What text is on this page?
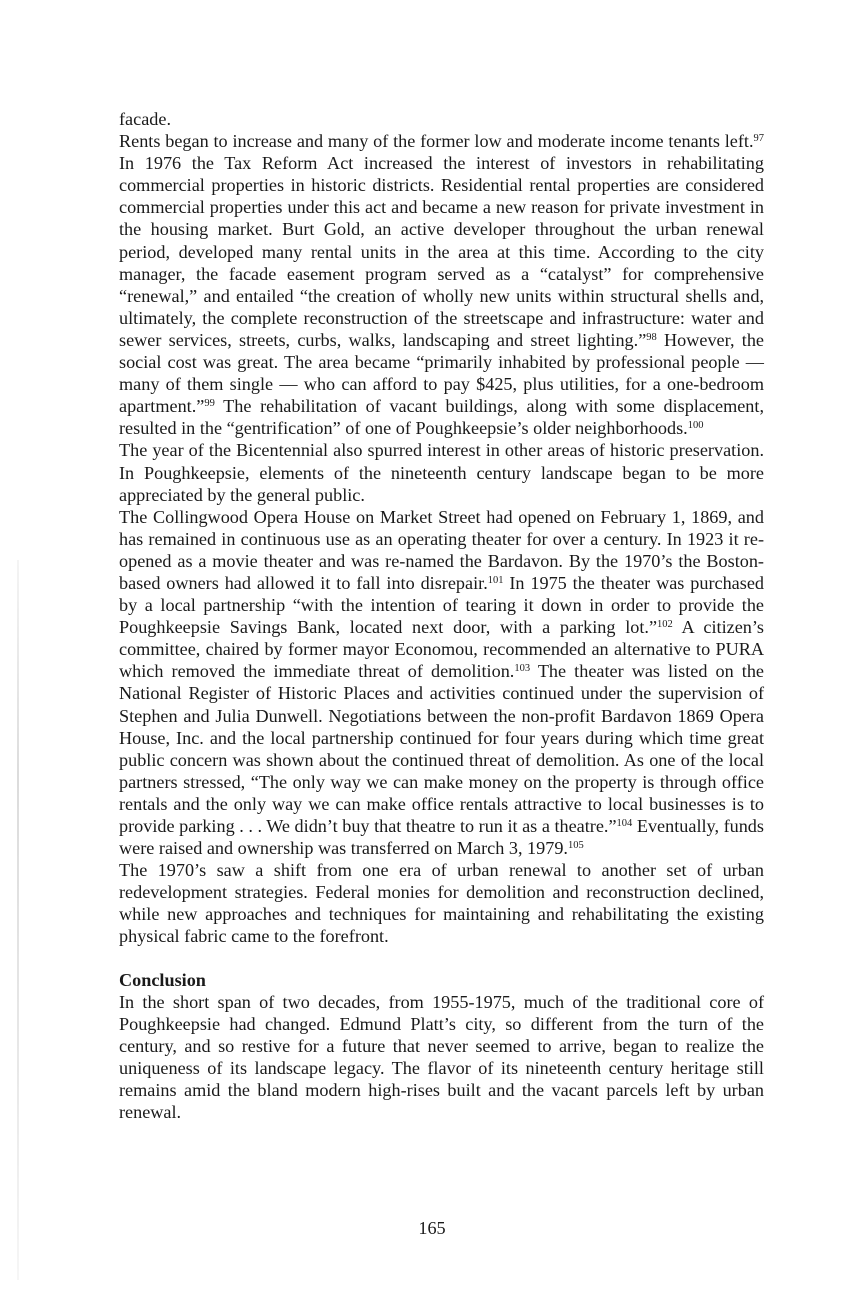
facade.

Rents began to increase and many of the former low and moderate income tenants left.$^{97}$ In 1976 the Tax Reform Act increased the interest of investors in rehabilitating commercial properties in historic districts. Residential rental properties are considered commercial properties under this act and became a new reason for private investment in the housing market. Burt Gold, an active developer throughout the urban renewal period, developed many rental units in the area at this time. According to the city manager, the facade easement program served as a “catalyst” for comprehensive “renewal,” and entailed “the creation of wholly new units within structural shells and, ultimately, the complete reconstruction of the streetscape and infrastructure: water and sewer services, streets, curbs, walks, landscaping and street lighting.”$^{98}$ However, the social cost was great. The area became “primarily inhabited by professional people — many of them single — who can afford to pay $425, plus utilities, for a one-bedroom apartment.”$^{99}$ The rehabilitation of vacant buildings, along with some displacement, resulted in the “gentrification” of one of Poughkeepsie’s older neighborhoods.$^{100}$

The year of the Bicentennial also spurred interest in other areas of historic preservation. In Poughkeepsie, elements of the nineteenth century landscape began to be more appreciated by the general public.

The Collingwood Opera House on Market Street had opened on February 1, 1869, and has remained in continuous use as an operating theater for over a century. In 1923 it re-opened as a movie theater and was re-named the Bardavon. By the 1970’s the Boston-based owners had allowed it to fall into disrepair.$^{101}$ In 1975 the theater was purchased by a local partnership “with the intention of tearing it down in order to provide the Poughkeepsie Savings Bank, located next door, with a parking lot.”$^{102}$ A citizen’s committee, chaired by former mayor Economou, recommended an alternative to PURA which removed the immediate threat of demolition.$^{103}$ The theater was listed on the National Register of Historic Places and activities continued under the supervision of Stephen and Julia Dunwell. Negotiations between the non-profit Bardavon 1869 Opera House, Inc. and the local partnership continued for four years during which time great public concern was shown about the continued threat of demolition. As one of the local partners stressed, “The only way we can make money on the property is through office rentals and the only way we can make office rentals attractive to local businesses is to provide parking . . . We didn’t buy that theatre to run it as a theatre.”$^{104}$ Eventually, funds were raised and ownership was transferred on March 3, 1979.$^{105}$

The 1970’s saw a shift from one era of urban renewal to another set of urban redevelopment strategies. Federal monies for demolition and reconstruction declined, while new approaches and techniques for maintaining and rehabilitating the existing physical fabric came to the forefront.

Conclusion

In the short span of two decades, from 1955-1975, much of the traditional core of Poughkeepsie had changed. Edmund Platt’s city, so different from the turn of the century, and so restive for a future that never seemed to arrive, began to realize the uniqueness of its landscape legacy. The flavor of its nineteenth century heritage still remains amid the bland modern high-rises built and the vacant parcels left by urban renewal.

165
